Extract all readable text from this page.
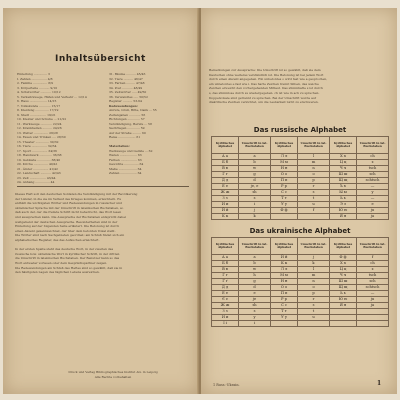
Inhaltsübersicht
Einleitung .............. 3
I. Zahlen ................ 4/8
2. Familie ............... 8/9
3. Körperteile ........... 9/10
4. Schulwörter ........... 10/12
5. Verkehrswege, Häfen und Verkehr ... 12/14
6. Haus .................. 14/15
7. Volkskunde ............ 15/17
8. Kleidung .............. 17/19
9. Stadt ................. 19/21
10. Kleider und Schuhe ... 21/22
11. Werkzeuge ............ 22/24
12. Krankheiten .......... 24/26
13. Wetter ............... 26/28
14. Essen und Trinken .... 28/30
15. Theater .............. 30/32
16. Tiere ................ 32/34
17. Sport ................ 34/36
18. Handwerk ............. 36/38
19. Gebäude .............. 38/40
20. Kirche ............... 40/41
21. Ämter ................ 41/42
22. Landschaft ........... 42/43
23. Zeit ................. 43/44
24. Anhang ............... 44
31. Bäume .......... 45/46
32. Tiere .......... 46/47
33. Farben ......... 47/48
34. Post ........... 48/49
35. Zeitwörter ..... 49/50
36. Verwandtes ..... 50/52
Register .......... 53-64
Redewendungen:
Anrufe, Gruß, Bitte, Dank ... 55
Zeitangaben ............ 56
Richtungen ............. 57
Verständigung, Berufe ... 58
Sachfragen ............. 59
Auf der Straße ......... 60
Reise .................. 61
Materialien:
Werkzeuge und Geräte ... 62
Waren .................. 63
Farben ................. 63
Gewichte ............... 64
Maße ................... 64
Zahlen ................. 64
Dieses Heft soll den deutschen Soldaten die Verständigung mit der Bevölkerung
der Länder, in die sie im Verlauf des Krieges kommen, erleichtern. Es
enthält die wichtigsten Wörter und Redewendungen in russischer und
ukrainischer Sprache mit der Umschrift in lateinischen Buchstaben, so
daß auch der, der die fremde Schrift nicht beherrscht, das Wort lesen
und aussprechen kann. Die Aussprache der Buchstaben entspricht dabei
weitgehend der deutschen Aussprache. Besonderheiten sind in der
Einleitung auf der folgenden Seite erläutert. Die Betonung ist durch
einen Akzent gekennzeichnet, der über dem betonten Vokal steht.
Die Wörter sind nach Sachgebieten geordnet; am Schluß findet sich ein
alphabetisches Register, das das Aufsuchen erleichtert.
In der ersten Spalte steht das deutsche Wort, in der zweiten das
russische bzw. ukrainische Wort in kyrillischer Schrift, in der dritten
die Umschrift in lateinischen Buchstaben. Der Benutzer kann so das
Wort entweder vorlesen oder dem Gesprächspartner zeigen.
Die Redewendungen am Schluß des Heftes sind so gewählt, daß sie in
den häufigsten Lagen des täglichen Lebens ausreichen.
Druck und Verlag Bibliographisches Institut AG. in Leipzig
Alle Rechte vorbehalten
Bemerkungen zur Aussprache: Die Umschrift ist so gewählt, daß sie dem
Deutschen ohne weiteres verständlich ist. Die Betonung ist bei jedem Wort
durch einen Akzent angegeben. Ein unbetontes o wird fast wie a gesprochen,
ein unbetontes e fast wie i. Das harte Zeichen trennt Silben, das weiche
Zeichen erweicht den vorhergehenden Mitlaut. Das stimmhafte s ist durch
s, das stimmlose durch ss wiedergegeben. ch ist wie in ach zu sprechen.
Doppelvokale sind getrennt zu sprechen. Bei der Umschrift wurde auf
diakritische Zeichen verzichtet, um die Lesbarkeit nicht zu erschweren.
Das russische Alphabet
Kyrillisches Alphabet	Umschrift in lat. Buchstaben	Kyrillisches Alphabet	Umschrift in lat. Buchstaben	Kyrillisches Alphabet	Umschrift in lat. Buchstaben
А а	a	Л л	l	Х х	ch
Б б	b	М м	m	Ц ц	z
В в	w	Н н	n	Ч ч	tsch
Г г	g	О о	o	Ш ш	sch
Д д	d	П п	p	Щ щ	schtsch
Е е	je, e	Р р	r	Ъ ъ	—
Ж ж	sh	С с	s	Ы ы	y
З з	s	Т т	t	Ь ь	—
И и	i	У у	u	Э э	e
Й й	j	Ф ф	f	Ю ю	ju
К к	k			Я я	ja
Das ukrainische Alphabet
Kyrillisches Alphabet	Umschrift in lat. Buchstaben	Kyrillisches Alphabet	Umschrift in lat. Buchstaben	Kyrillisches Alphabet	Umschrift in lat. Buchstaben
А а	a	Й й	j	Ф ф	f
Б б	b	К к	k	Х х	ch
В в	w	Л л	l	Ц ц	z
Г г	h	М м	m	Ч ч	tsch
Ґ ґ	g	Н н	n	Ш ш	sch
Д д	d	О о	o	Щ щ	schtsch
Е е	e	П п	p	Ь ь	—
Є є	je	Р р	r	Ю ю	ju
Ж ж	sh	С с	s	Я я	ja
З з	s	Т т	t		
И и	y	У у	u		
І і	i				
1 Russ.-Ukrain.	1
